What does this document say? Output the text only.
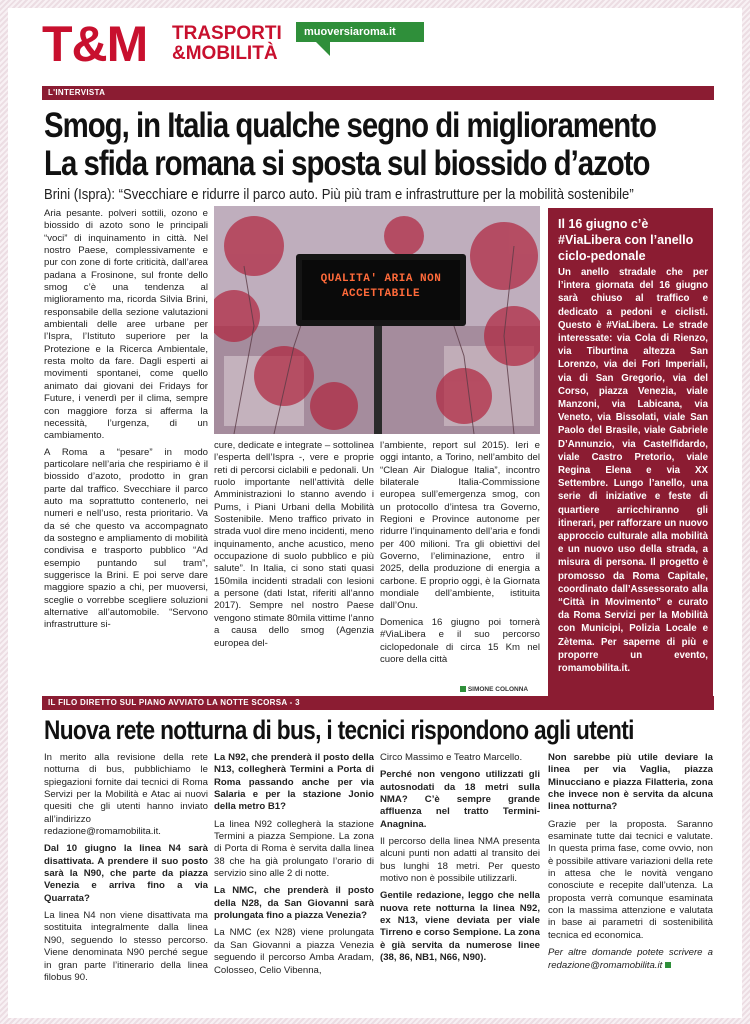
T&M TRASPORTI
&MOBILITÀ
muoversiaroma.it
L'INTERVISTA
Smog, in Italia qualche segno di miglioramento
La sfida romana si sposta sul biossido d’azoto
Brini (Ispra): “Svecchiare e ridurre il parco auto. Più più tram e infrastrutture per la mobilità sostenibile”

Aria pesante. polveri sottili, ozono e biossido di azoto sono le principali “voci” di inquinamento in città. Nel nostro Paese, complessivamente e pur con zone di forte criticità, dall’area padana a Frosinone, sul fronte dello smog c’è una tendenza al miglioramento ma, ricorda Silvia Brini, responsabile della sezione valutazioni ambientali delle aree urbane per l’Ispra, l’Istituto superiore per la Protezione e la Ricerca Ambientale, resta molto da fare. Dagli esperti ai movimenti spontanei, come quello animato dai giovani dei Fridays for Future, i venerdì per il clima, sempre con maggiore forza si afferma la necessità, l’urgenza, di un cambiamento.

A Roma a “pesare” in modo particolare nell’aria che respiriamo è il biossido d’azoto, prodotto in gran parte dal traffico. Svecchiare il parco auto ma soprattutto contenerlo, nei numeri e nell’uso, resta prioritario. Va da sé che questo va accompagnato da sostegno e ampliamento di mobilità condivisa e trasporto pubblico “Ad esempio puntando sul tram”, suggerisce la Brini. E poi serve dare maggiore spazio a chi, per muoversi, sceglie o vorrebbe scegliere soluzioni alternative all’automobile. “Servono infrastrutture si-

QUALITA' ARIA NON ACCETTABILE

cure, dedicate e integrate – sottolinea l’esperta dell’Ispra -, vere e proprie reti di percorsi ciclabili e pedonali. Un ruolo importante nell’attività delle Amministrazioni lo stanno avendo i Pums, i Piani Urbani della Mobilità Sostenibile. Meno traffico privato in strada vuol dire meno incidenti, meno inquinamento, anche acustico, meno occupazione di suolo pubblico e più salute”. In Italia, ci sono stati quasi 150mila incidenti stradali con lesioni a persone (dati Istat, riferiti all’anno 2017). Sempre nel nostro Paese vengono stimate 80mila vittime l’anno a causa dello smog (Agenzia europea del-

l’ambiente, report sul 2015). Ieri e oggi intanto, a Torino, nell’ambito del “Clean Air Dialogue Italia”, incontro bilaterale Italia-Commissione europea sull’emergenza smog, con un protocollo d’intesa tra Governo, Regioni e Province autonome per ridurre l’inquinamento dell’aria e fondi per 400 milioni. Tra gli obiettivi del Governo, l’eliminazione, entro il 2025, della produzione di energia a carbone. E proprio oggi, è la Giornata mondiale dell’ambiente, istituita dall’Onu.

Domenica 16 giugno poi tornerà #ViaLibera e il suo percorso ciclopedonale di circa 15 Km nel cuore della città

SIMONE COLONNA
Il 16 giugno c’è #ViaLibera con l’anello ciclo-pedonale
Un anello stradale che per l’intera giornata del 16 giugno sarà chiuso al traffico e dedicato a pedoni e ciclisti. Questo è #ViaLibera. Le strade interessate: via Cola di Rienzo, via Tiburtina altezza San Lorenzo, via dei Fori Imperiali, via di San Gregorio, via del Corso, piazza Venezia, viale Manzoni, via Labicana, via Veneto, via Bissolati, viale San Paolo del Brasile, viale Gabriele D’Annunzio, via Castelfidardo, viale Castro Pretorio, viale Regina Elena e via XX Settembre. Lungo l’anello, una serie di iniziative e feste di quartiere arricchiranno gli itinerari, per rafforzare un nuovo approccio culturale alla mobilità e un nuovo uso della strada, a misura di persona. Il progetto è promosso da Roma Capitale, coordinato dall’Assessorato alla “Città in Movimento” e curato da Roma Servizi per la Mobilità con Municipi, Polizia Locale e Zètema. Per saperne di più e proporre un evento, romamobilita.it.
IL FILO DIRETTO SUL PIANO AVVIATO LA NOTTE SCORSA - 3
Nuova rete notturna di bus, i tecnici rispondono agli utenti

In merito alla revisione della rete notturna di bus, pubblichiamo le spiegazioni fornite dai tecnici di Roma Servizi per la Mobilità e Atac ai nuovi quesiti che gli utenti hanno inviato all’indirizzo redazione@romamobilita.it.

Dal 10 giugno la linea N4 sarà disattivata. A prendere il suo posto sarà la N90, che parte da piazza Venezia e arriva fino a via Quarrata?

La linea N4 non viene disattivata ma sostituita integralmente dalla linea N90, seguendo lo stesso percorso. Viene denominata N90 perché segue in gran parte l’itinerario della linea filobus 90.

La N92, che prenderà il posto della N13, collegherà Termini a Porta di Roma passando anche per via Salaria e per la stazione Jonio della metro B1?

La linea N92 collegherà la stazione Termini a piazza Sempione. La zona di Porta di Roma è servita dalla linea 38 che ha già prolungato l’orario di servizio sino alle 2 di notte.

La NMC, che prenderà il posto della N28, da San Giovanni sarà prolungata fino a piazza Venezia?

La NMC (ex N28) viene prolungata da San Giovanni a piazza Venezia seguendo il percorso Amba Aradam, Colosseo, Celio Vibenna,

Circo Massimo e Teatro Marcello.

Perché non vengono utilizzati gli autosnodati da 18 metri sulla NMA? C’è sempre grande affluenza nel tratto Termini-Anagnina.

Il percorso della linea NMA presenta alcuni punti non adatti al transito dei bus lunghi 18 metri. Per questo motivo non è possibile utilizzarli.

Gentile redazione, leggo che nella nuova rete notturna la linea N92, ex N13, viene deviata per viale Tirreno e corso Sempione. La zona è già servita da numerose linee (38, 86, NB1, N66, N90).

Non sarebbe più utile deviare la linea per via Vaglia, piazza Minucciano e piazza Filatteria, zona che invece non è servita da alcuna linea notturna?

Grazie per la proposta. Saranno esaminate tutte dai tecnici e valutate. In questa prima fase, come ovvio, non è possibile attivare variazioni della rete in attesa che le novità vengano conosciute e recepite dall’utenza. La proposta verrà comunque esaminata con la massima attenzione e valutata in base ai parametri di sostenibilità tecnica ed economica.

Per altre domande potete scrivere a redazione@romamobilita.it
